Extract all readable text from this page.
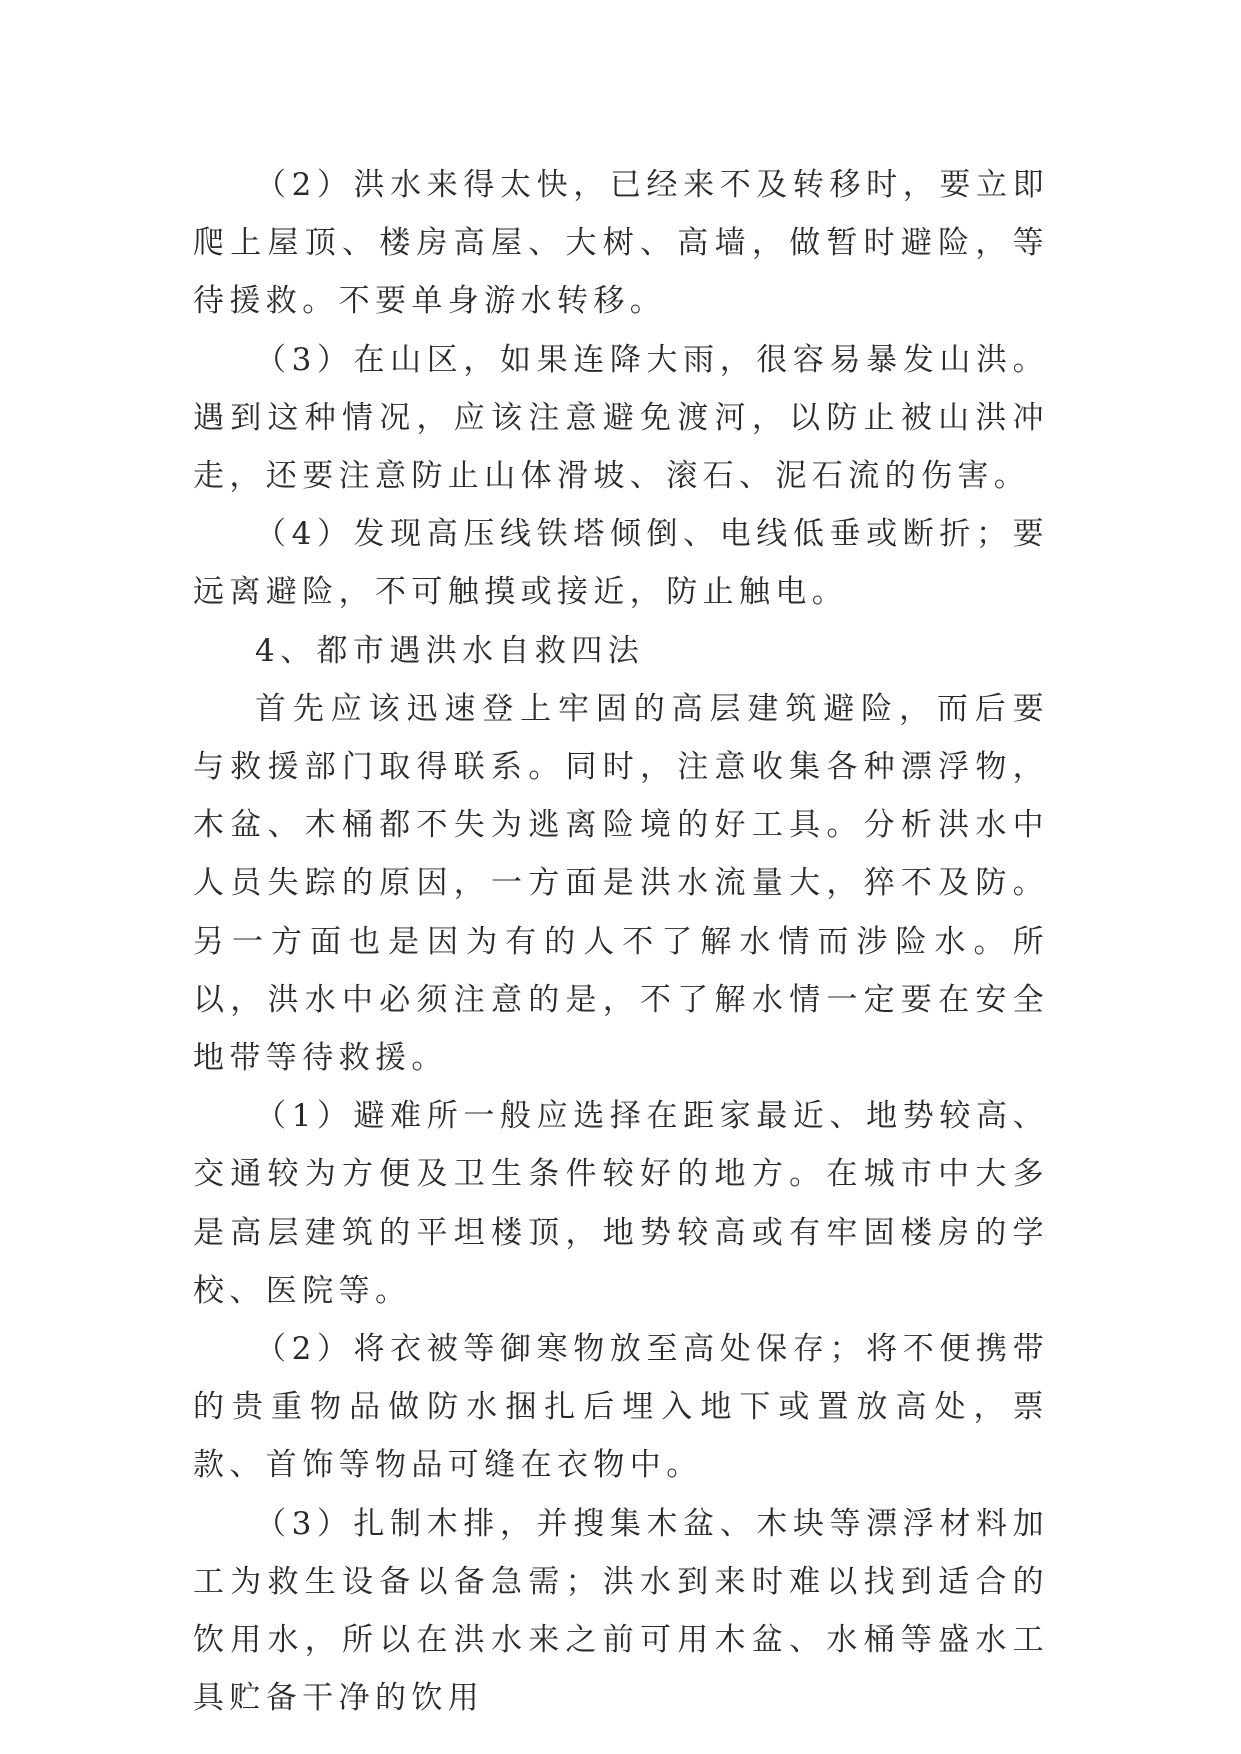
（2）洪水来得太快，已经来不及转移时，要立即爬上屋顶、楼房高屋、大树、高墙，做暂时避险，等待援救。不要单身游水转移。

（3）在山区，如果连降大雨，很容易暴发山洪。遇到这种情况，应该注意避免渡河，以防止被山洪冲走，还要注意防止山体滑坡、滚石、泥石流的伤害。

（4）发现高压线铁塔倾倒、电线低垂或断折；要远离避险，不可触摸或接近，防止触电。

4、都市遇洪水自救四法

首先应该迅速登上牢固的高层建筑避险，而后要与救援部门取得联系。同时，注意收集各种漂浮物，木盆、木桶都不失为逃离险境的好工具。分析洪水中人员失踪的原因，一方面是洪水流量大，猝不及防。另一方面也是因为有的人不了解水情而涉险水。所以，洪水中必须注意的是，不了解水情一定要在安全地带等待救援。

（1）避难所一般应选择在距家最近、地势较高、交通较为方便及卫生条件较好的地方。在城市中大多是高层建筑的平坦楼顶，地势较高或有牢固楼房的学校、医院等。

（2）将衣被等御寒物放至高处保存；将不便携带的贵重物品做防水捆扎后埋入地下或置放高处，票款、首饰等物品可缝在衣物中。

（3）扎制木排，并搜集木盆、木块等漂浮材料加工为救生设备以备急需；洪水到来时难以找到适合的饮用水，所以在洪水来之前可用木盆、水桶等盛水工具贮备干净的饮用
